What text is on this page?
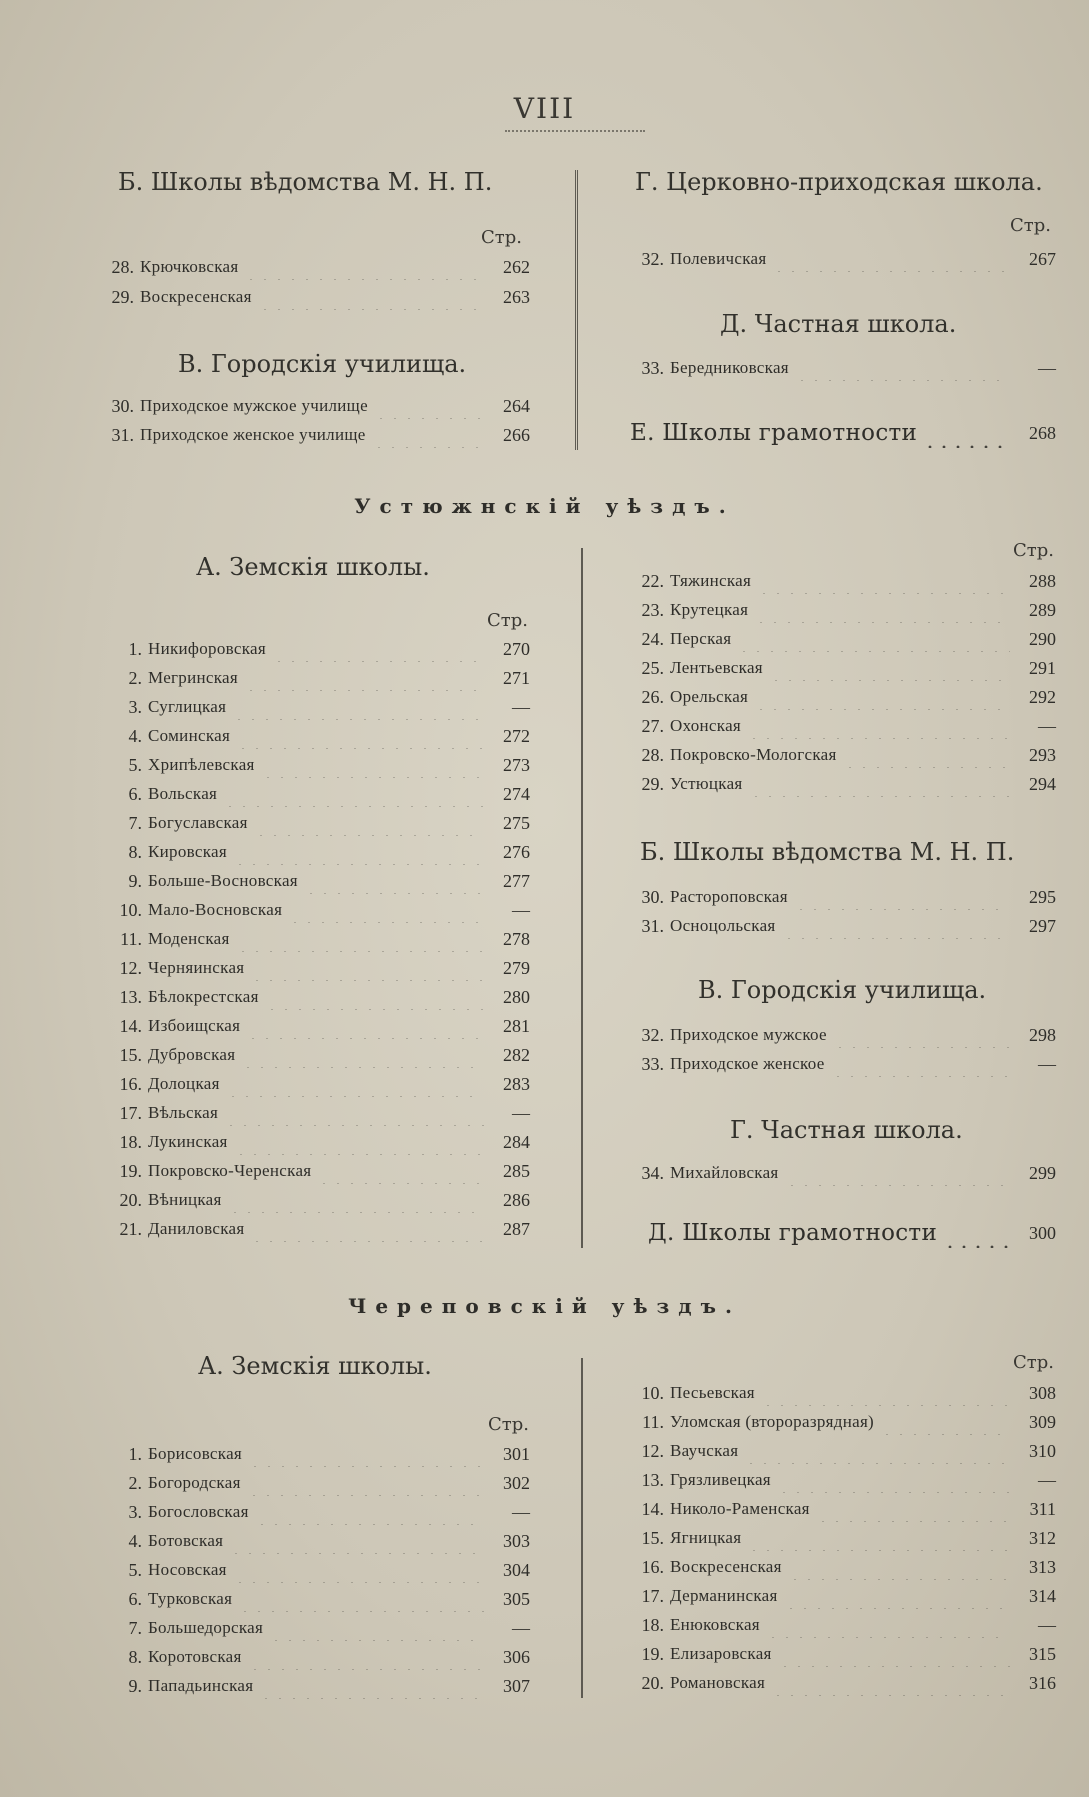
VIII
Б. Школы вѣдомства М. Н. П.
Стр.
28. Крючковская	262
29. Воскресенская	263
В. Городскія училища.
30. Приходское мужское училище	264
31. Приходское женское училище	266
Г. Церковно-приходская школа.
Стр.
32. Полевичская	267
Д. Частная школа.
33. Бередниковская	—
Е. Школы грамотности	268
Устюжнскій уѣздъ.
А. Земскія школы.
Стр.
1. Никифоровская	270
2. Мегринская	271
3. Суглицкая	—
4. Соминская	272
5. Хрипѣлевская	273
6. Вольская	274
7. Богуславская	275
8. Кировская	276
9. Больше-Восновская	277
10. Мало-Восновская	—
11. Моденская	278
12. Черняинская	279
13. Бѣлокрестская	280
14. Избоищская	281
15. Дубровская	282
16. Долоцкая	283
17. Вѣльская	—
18. Лукинская	284
19. Покровско-Черенская	285
20. Вѣницкая	286
21. Даниловская	287
Стр.
22. Тяжинская	288
23. Крутецкая	289
24. Перская	290
25. Лентьевская	291
26. Орельская	292
27. Охонская	—
28. Покровско-Мологская	293
29. Устюцкая	294
Б. Школы вѣдомства М. Н. П.
30. Растороповская	295
31. Осноцольская	297
В. Городскія училища.
32. Приходское мужское	298
33. Приходское женское	—
Г. Частная школа.
34. Михайловская	299
Д. Школы грамотности	300
Череповскій уѣздъ.
А. Земскія школы.
Стр.
1. Борисовская	301
2. Богородская	302
3. Богословская	—
4. Ботовская	303
5. Носовская	304
6. Турковская	305
7. Большедорская	—
8. Коротовская	306
9. Пападьинская	307
Стр.
10. Песьевская	308
11. Уломская (второразрядная)	309
12. Ваучская	310
13. Грязливецкая	—
14. Николо-Раменская	311
15. Ягницкая	312
16. Воскресенская	313
17. Дерманинская	314
18. Енюковская	—
19. Елизаровская	315
20. Романовская	316
